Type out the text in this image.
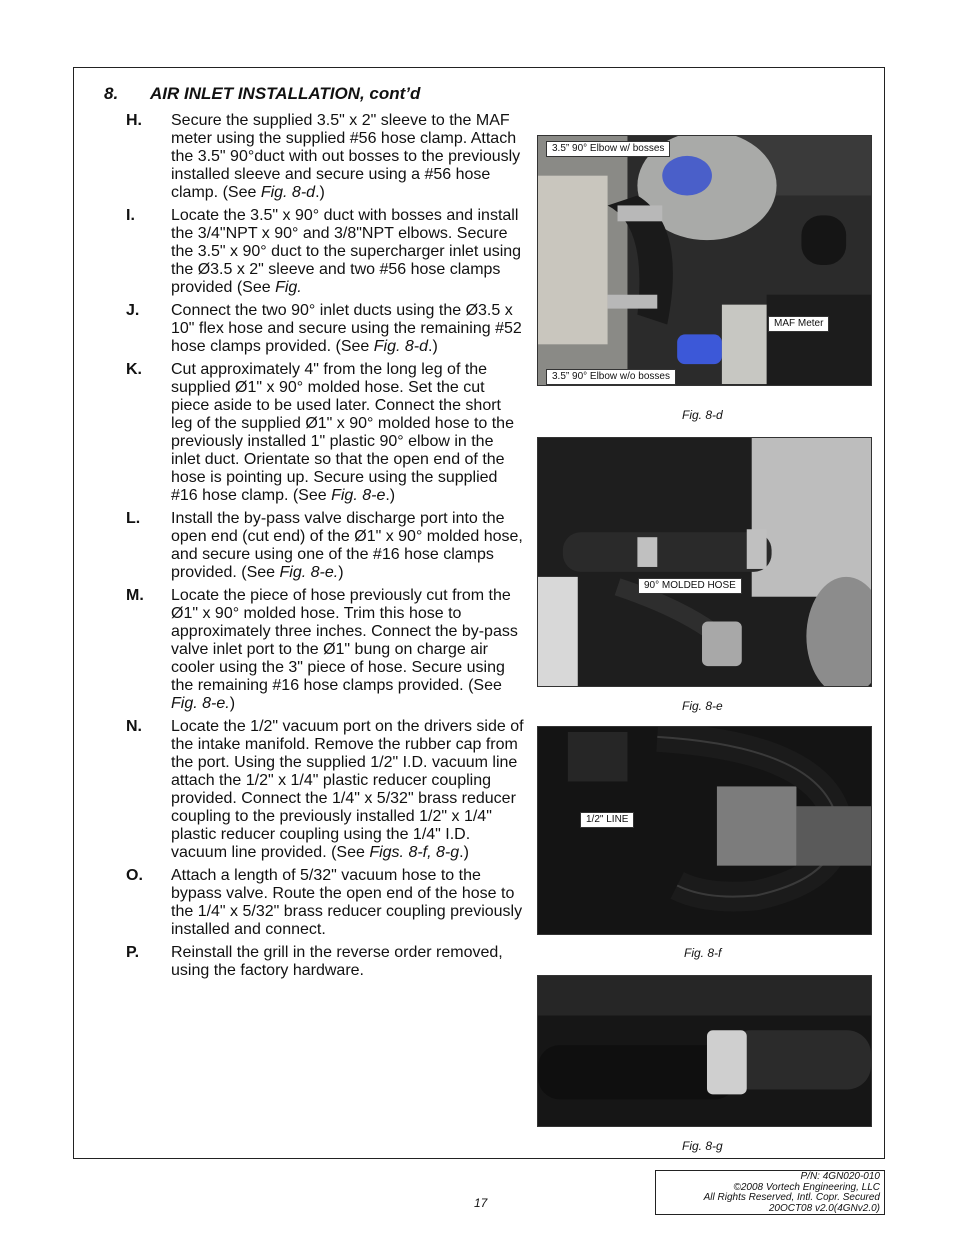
8. AIR INLET INSTALLATION, cont’d
H.	Secure the supplied 3.5" x 2" sleeve to the MAF meter using the supplied #56 hose clamp. Attach the 3.5" 90°duct with out bosses to the previously installed sleeve and secure using a #56 hose clamp. (See Fig. 8-d.)
I.	Locate the 3.5" x 90° duct with bosses and install the 3/4"NPT x 90° and 3/8"NPT elbows. Secure the 3.5" x 90° duct to the supercharger inlet using the Ø3.5 x 2" sleeve and two #56 hose clamps provided (See Fig.
J.	Connect the two 90° inlet ducts using the Ø3.5 x 10" flex hose and secure using the remaining #52 hose clamps provided. (See Fig. 8-d.)
K.	Cut approximately 4" from the long leg of the supplied Ø1" x 90° molded hose. Set the cut piece aside to be used later. Connect the short leg of the supplied Ø1" x 90° molded hose to the previously installed 1" plastic 90° elbow in the inlet duct. Orientate so that the open end of the hose is pointing up. Secure using the supplied #16 hose clamp. (See Fig. 8-e.)
L.	Install the by-pass valve discharge port into the open end (cut end) of the Ø1" x 90° molded hose, and secure using one of the #16 hose clamps provided. (See Fig. 8-e.)
M.	Locate the piece of hose previously cut from the Ø1" x 90° molded hose. Trim this hose to approximately three inches. Connect the by-pass valve inlet port to the Ø1" bung on charge air cooler using the 3" piece of hose. Secure using the remaining #16 hose clamps provided. (See Fig. 8-e.)
N.	Locate the 1/2" vacuum port on the drivers side of the intake manifold. Remove the rubber cap from the port. Using the supplied 1/2" I.D. vacuum line attach the 1/2" x 1/4" plastic reducer coupling provided. Connect the 1/4" x 5/32" brass reducer coupling to the previously installed 1/2" x 1/4" plastic reducer coupling using the 1/4" I.D. vacuum line provided. (See Figs. 8-f, 8-g.)
O.	Attach a length of 5/32" vacuum hose to the bypass valve. Route the open end of the hose to the 1/4" x 5/32" brass reducer coupling previously installed and connect.
P.	Reinstall the grill in the reverse order removed, using the factory hardware.
3.5” 90° Elbow w/ bosses
MAF Meter
3.5” 90° Elbow w/o bosses
Fig. 8-d
90° MOLDED HOSE
Fig. 8-e
1/2" LINE
Fig. 8-f
Fig. 8-g
17
P/N: 4GN020-010
©2008 Vortech Engineering, LLC
All Rights Reserved, Intl. Copr. Secured
20OCT08 v2.0(4GNv2.0)
